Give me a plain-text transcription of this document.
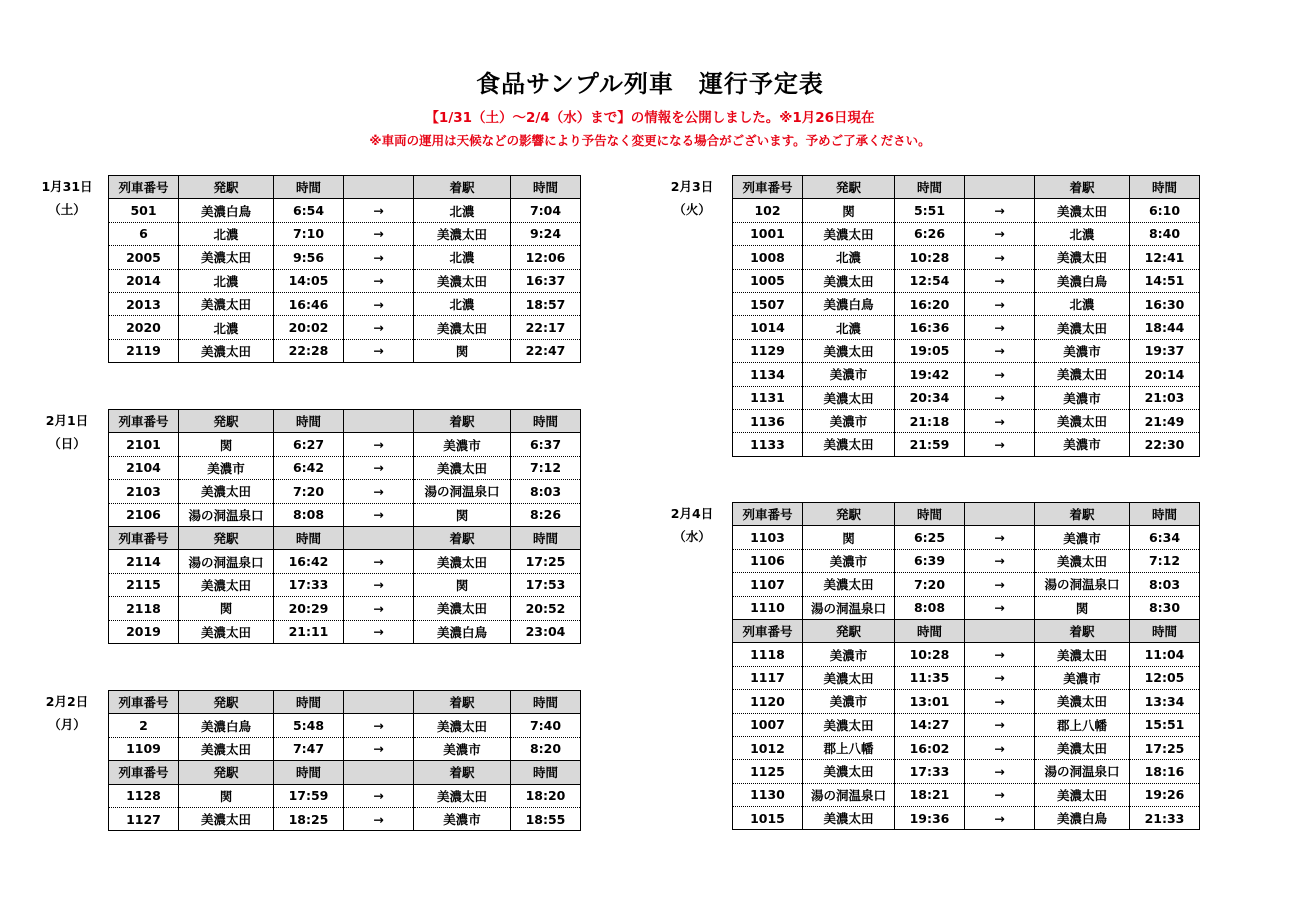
食品サンプル列車　運行予定表
【1/31（土）～2/4（水）まで】の情報を公開しました。※1月26日現在
※車両の運用は天候などの影響により予告なく変更になる場合がございます。予めご了承ください。
1月31日
（土）
列車番号	発駅	時間		着駅	時間
501	美濃白鳥	6:54	→	北濃	7:04
6	北濃	7:10	→	美濃太田	9:24
2005	美濃太田	9:56	→	北濃	12:06
2014	北濃	14:05	→	美濃太田	16:37
2013	美濃太田	16:46	→	北濃	18:57
2020	北濃	20:02	→	美濃太田	22:17
2119	美濃太田	22:28	→	関	22:47
2月1日
（日）
列車番号	発駅	時間		着駅	時間
2101	関	6:27	→	美濃市	6:37
2104	美濃市	6:42	→	美濃太田	7:12
2103	美濃太田	7:20	→	湯の洞温泉口	8:03
2106	湯の洞温泉口	8:08	→	関	8:26
列車番号	発駅	時間		着駅	時間
2114	湯の洞温泉口	16:42	→	美濃太田	17:25
2115	美濃太田	17:33	→	関	17:53
2118	関	20:29	→	美濃太田	20:52
2019	美濃太田	21:11	→	美濃白鳥	23:04
2月2日
（月）
列車番号	発駅	時間		着駅	時間
2	美濃白鳥	5:48	→	美濃太田	7:40
1109	美濃太田	7:47	→	美濃市	8:20
列車番号	発駅	時間		着駅	時間
1128	関	17:59	→	美濃太田	18:20
1127	美濃太田	18:25	→	美濃市	18:55
2月3日
（火）
列車番号	発駅	時間		着駅	時間
102	関	5:51	→	美濃太田	6:10
1001	美濃太田	6:26	→	北濃	8:40
1008	北濃	10:28	→	美濃太田	12:41
1005	美濃太田	12:54	→	美濃白鳥	14:51
1507	美濃白鳥	16:20	→	北濃	16:30
1014	北濃	16:36	→	美濃太田	18:44
1129	美濃太田	19:05	→	美濃市	19:37
1134	美濃市	19:42	→	美濃太田	20:14
1131	美濃太田	20:34	→	美濃市	21:03
1136	美濃市	21:18	→	美濃太田	21:49
1133	美濃太田	21:59	→	美濃市	22:30
2月4日
（水）
列車番号	発駅	時間		着駅	時間
1103	関	6:25	→	美濃市	6:34
1106	美濃市	6:39	→	美濃太田	7:12
1107	美濃太田	7:20	→	湯の洞温泉口	8:03
1110	湯の洞温泉口	8:08	→	関	8:30
列車番号	発駅	時間		着駅	時間
1118	美濃市	10:28	→	美濃太田	11:04
1117	美濃太田	11:35	→	美濃市	12:05
1120	美濃市	13:01	→	美濃太田	13:34
1007	美濃太田	14:27	→	郡上八幡	15:51
1012	郡上八幡	16:02	→	美濃太田	17:25
1125	美濃太田	17:33	→	湯の洞温泉口	18:16
1130	湯の洞温泉口	18:21	→	美濃太田	19:26
1015	美濃太田	19:36	→	美濃白鳥	21:33
